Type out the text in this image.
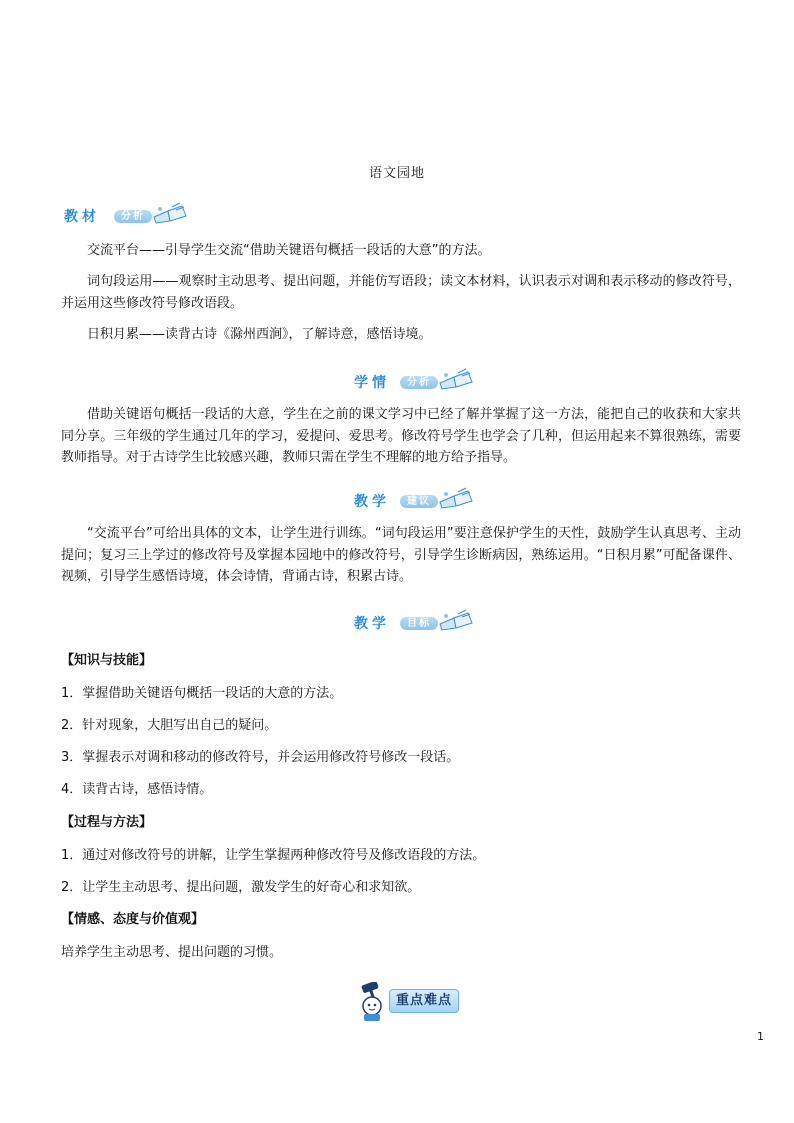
语文园地
教材	分析
交流平台——引导学生交流“借助关键语句概括一段话的大意”的方法。
词句段运用——观察时主动思考、提出问题，并能仿写语段；读文本材料，认识表示对调和表示移动的修改符号，并运用这些修改符号修改语段。
日积月累——读背古诗《滁州西涧》，了解诗意，感悟诗境。
学情	分析
借助关键语句概括一段话的大意，学生在之前的课文学习中已经了解并掌握了这一方法，能把自己的收获和大家共同分享。三年级的学生通过几年的学习，爱提问、爱思考。修改符号学生也学会了几种，但运用起来不算很熟练，需要教师指导。对于古诗学生比较感兴趣，教师只需在学生不理解的地方给予指导。
教学	建议
“交流平台”可给出具体的文本，让学生进行训练。“词句段运用”要注意保护学生的天性，鼓励学生认真思考、主动提问；复习三上学过的修改符号及掌握本园地中的修改符号，引导学生诊断病因，熟练运用。“日积月累”可配备课件、视频，引导学生感悟诗境，体会诗情，背诵古诗，积累古诗。
教学	目标
【知识与技能】
1．掌握借助关键语句概括一段话的大意的方法。
2．针对现象，大胆写出自己的疑问。
3．掌握表示对调和移动的修改符号，并会运用修改符号修改一段话。
4．读背古诗，感悟诗情。
【过程与方法】
1．通过对修改符号的讲解，让学生掌握两种修改符号及修改语段的方法。
2．让学生主动思考、提出问题，激发学生的好奇心和求知欲。
【情感、态度与价值观】
培养学生主动思考、提出问题的习惯。
重点难点
1
